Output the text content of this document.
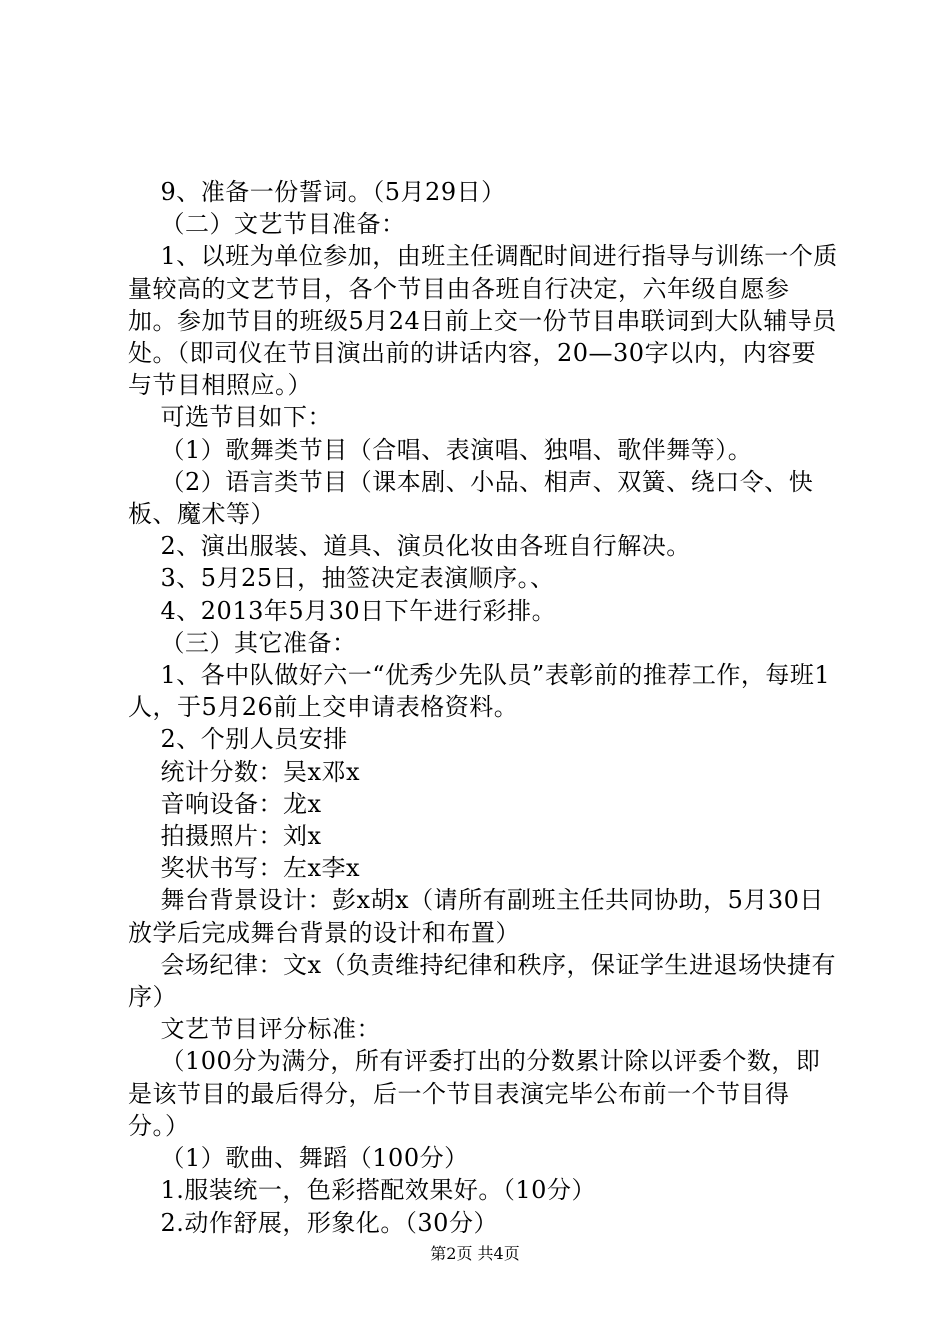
9、准备一份誓词。（5月29日）

（二）文艺节目准备：

1、以班为单位参加，由班主任调配时间进行指导与训练一个质量较高的文艺节目，各个节目由各班自行决定，六年级自愿参加。参加节目的班级5月24日前上交一份节目串联词到大队辅导员处。（即司仪在节目演出前的讲话内容，20—30字以内，内容要与节目相照应。）

可选节目如下：

（1）歌舞类节目（合唱、表演唱、独唱、歌伴舞等）。

（2）语言类节目（课本剧、小品、相声、双簧、绕口令、快板、魔术等）

2、演出服装、道具、演员化妆由各班自行解决。

3、5月25日，抽签决定表演顺序。、

4、2013年5月30日下午进行彩排。

（三）其它准备：

1、各中队做好六一“优秀少先队员”表彰前的推荐工作，每班1人，于5月26前上交申请表格资料。

2、个别人员安排

统计分数：吴x邓x

音响设备：龙x

拍摄照片：刘x

奖状书写：左x李x

舞台背景设计：彭x胡x（请所有副班主任共同协助，5月30日放学后完成舞台背景的设计和布置）

会场纪律：文x（负责维持纪律和秩序，保证学生进退场快捷有序）

文艺节目评分标准：

（100分为满分，所有评委打出的分数累计除以评委个数，即是该节目的最后得分，后一个节目表演完毕公布前一个节目得分。）

（1）歌曲、舞蹈（100分）

1.服装统一，色彩搭配效果好。（10分）

2.动作舒展，形象化。（30分）

第2页 共4页
